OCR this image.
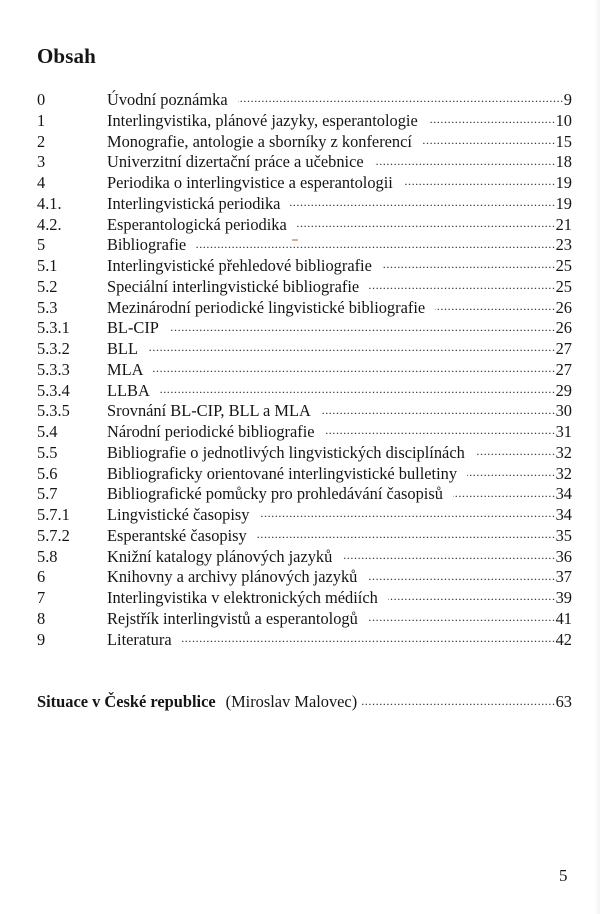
Obsah
0	Úvodní poznámka .....	9
1	Interlingvistika, plánové jazyky, esperantologie .....	10
2	Monografie, antologie a sborníky z konferencí .....	15
3	Univerzitní dizertační práce a učebnice .....	18
4	Periodika o interlingvistice a esperantologii .....	19
4.1.	Interlingvistická periodika .....	19
4.2.	Esperantologická periodika .....	21
5	Bibliografie .....	23
5.1	Interlingvistické přehledové bibliografie .....	25
5.2	Speciální interlingvistické bibliografie .....	25
5.3	Mezinárodní periodické lingvistické bibliografie .....	26
5.3.1	BL-CIP .....	26
5.3.2	BLL .....	27
5.3.3	MLA .....	27
5.3.4	LLBA .....	29
5.3.5	Srovnání BL-CIP, BLL a MLA .....	30
5.4	Národní periodické bibliografie .....	31
5.5	Bibliografie o jednotlivých lingvistických disciplínách .....	32
5.6	Bibliograficky orientované interlingvistické bulletiny .....	32
5.7	Bibliografické pomůcky pro prohledávání časopisů .....	34
5.7.1	Lingvistické časopisy .....	34
5.7.2	Esperantské časopisy .....	35
5.8	Knižní katalogy plánových jazyků .....	36
6	Knihovny a archivy plánových jazyků .....	37
7	Interlingvistika v elektronických médiích .....	39
8	Rejstřík interlingvistů a esperantologů .....	41
9	Literatura .....	42
Situace v České republice (Miroslav Malovec) .....	63
5
